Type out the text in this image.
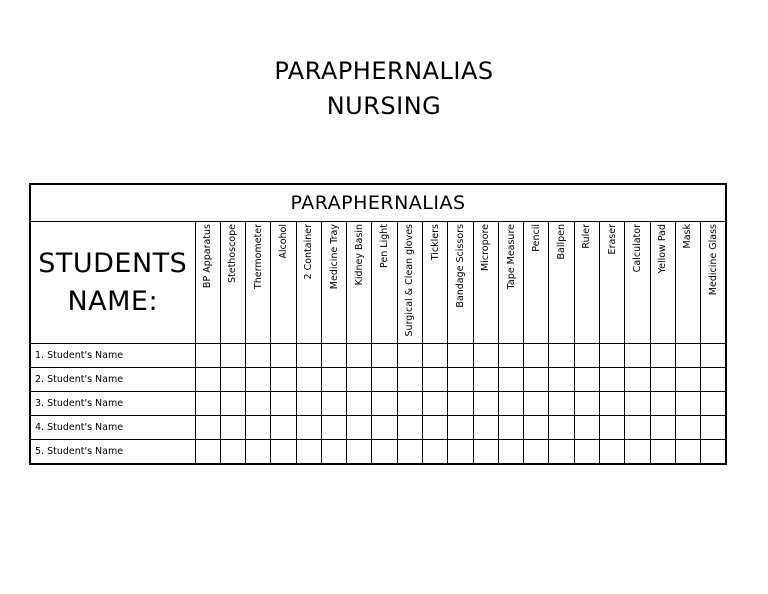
PARAPHERNALIAS
NURSING
PARAPHERNALIAS																					

STUDENTS
NAME:	BP Apparatus	Stethoscope	Thermometer	Alcohol	2 Container	Medicine Tray	Kidney Basin	Pen Light	Surgical & Clean gloves	Ticklers	Bandage Scissors	Micropore	Tape Measure	Pencil	Ballpen	Ruler	Eraser	Calculator	Yellow Pad	Mask	Medicine Glass

1. Student's Name																					
2. Student's Name																					
3. Student's Name																					
4. Student's Name																					
5. Student's Name																					
